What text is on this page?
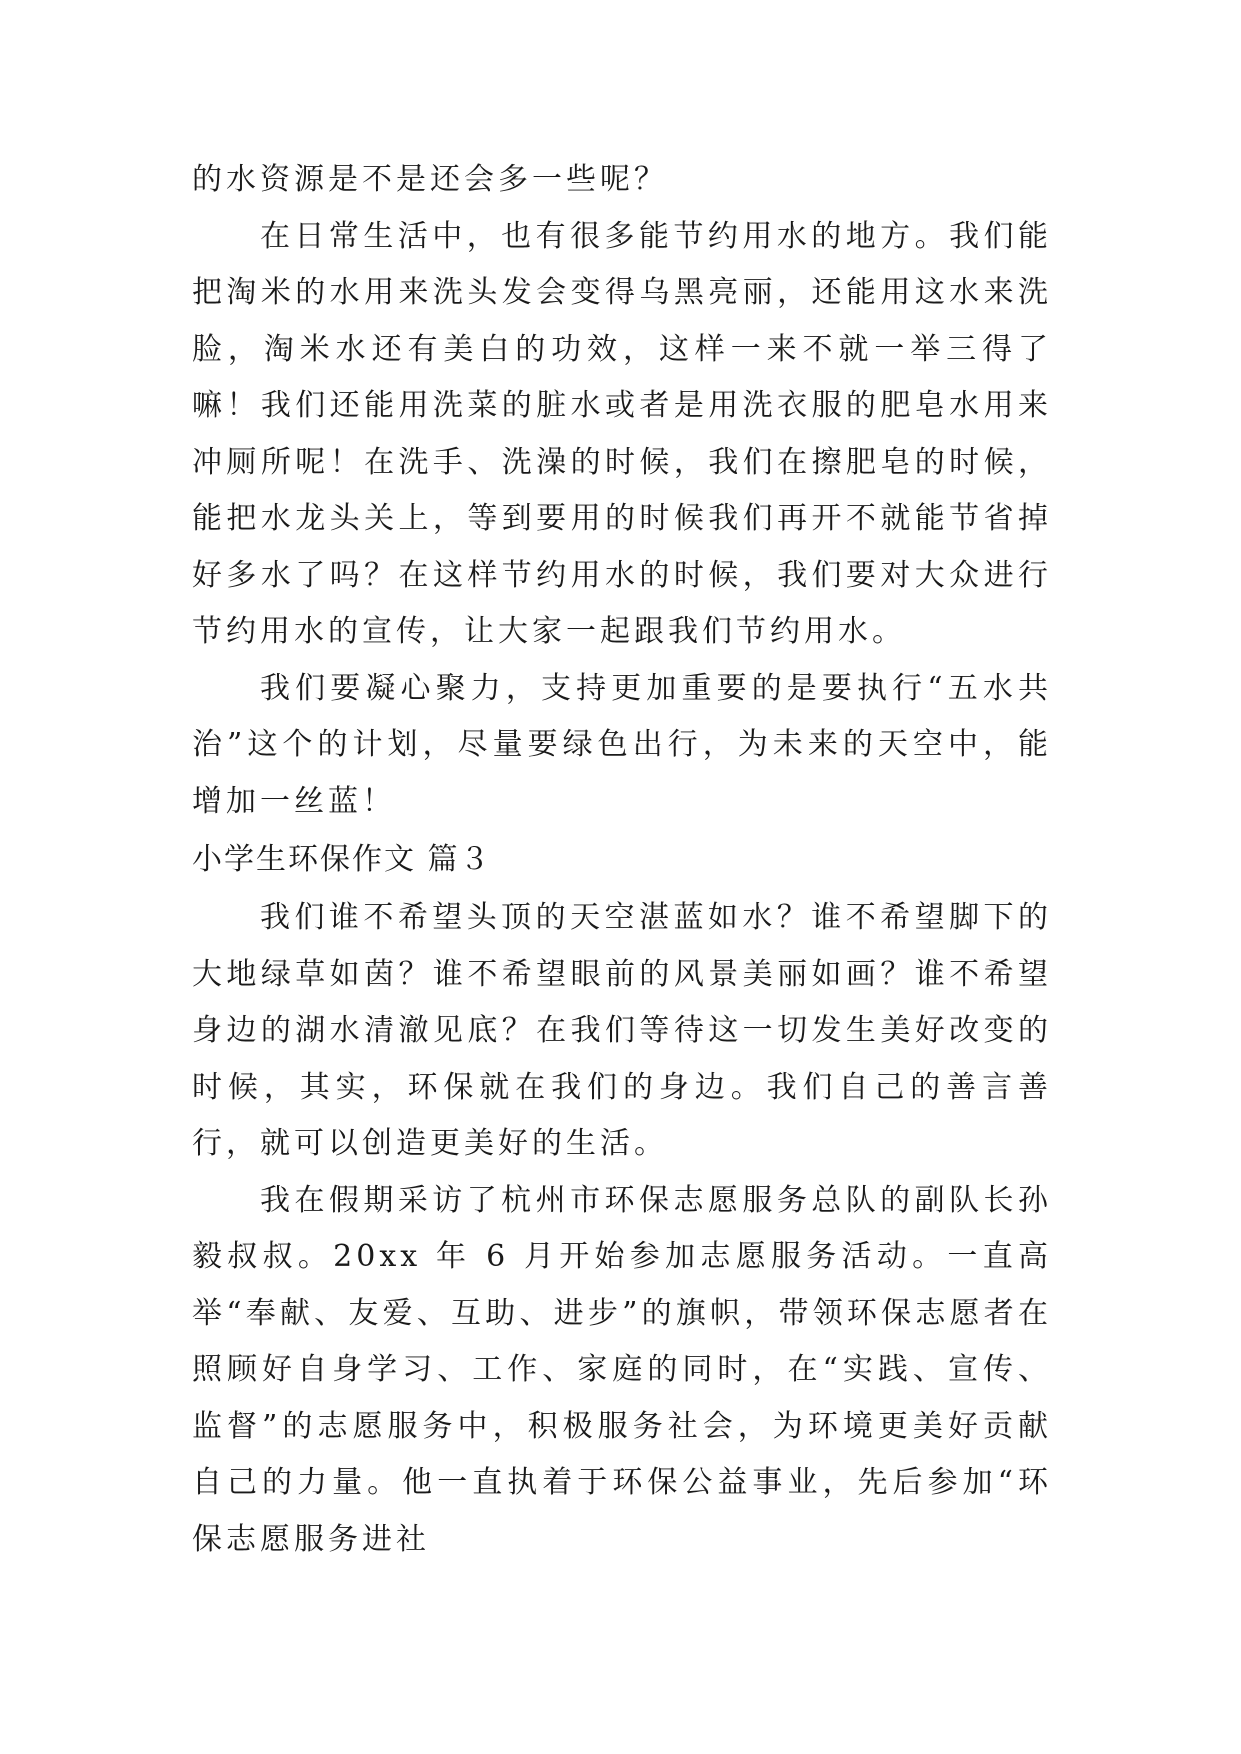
的水资源是不是还会多一些呢？

在日常生活中，也有很多能节约用水的地方。我们能把淘米的水用来洗头发会变得乌黑亮丽，还能用这水来洗脸，淘米水还有美白的功效，这样一来不就一举三得了嘛！我们还能用洗菜的脏水或者是用洗衣服的肥皂水用来冲厕所呢！在洗手、洗澡的时候，我们在擦肥皂的时候，能把水龙头关上，等到要用的时候我们再开不就能节省掉好多水了吗？在这样节约用水的时候，我们要对大众进行节约用水的宣传，让大家一起跟我们节约用水。

我们要凝心聚力，支持更加重要的是要执行“五水共治”这个的计划，尽量要绿色出行，为未来的天空中，能增加一丝蓝！

小学生环保作文 篇３

我们谁不希望头顶的天空湛蓝如水？谁不希望脚下的大地绿草如茵？谁不希望眼前的风景美丽如画？谁不希望身边的湖水清澈见底？在我们等待这一切发生美好改变的时候，其实，环保就在我们的身边。我们自己的善言善行，就可以创造更美好的生活。

我在假期采访了杭州市环保志愿服务总队的副队长孙毅叔叔。20xx 年 6 月开始参加志愿服务活动。一直高举“奉献、友爱、互助、进步”的旗帜，带领环保志愿者在照顾好自身学习、工作、家庭的同时，在“实践、宣传、监督”的志愿服务中，积极服务社会，为环境更美好贡献自己的力量。他一直执着于环保公益事业，先后参加“环保志愿服务进社
